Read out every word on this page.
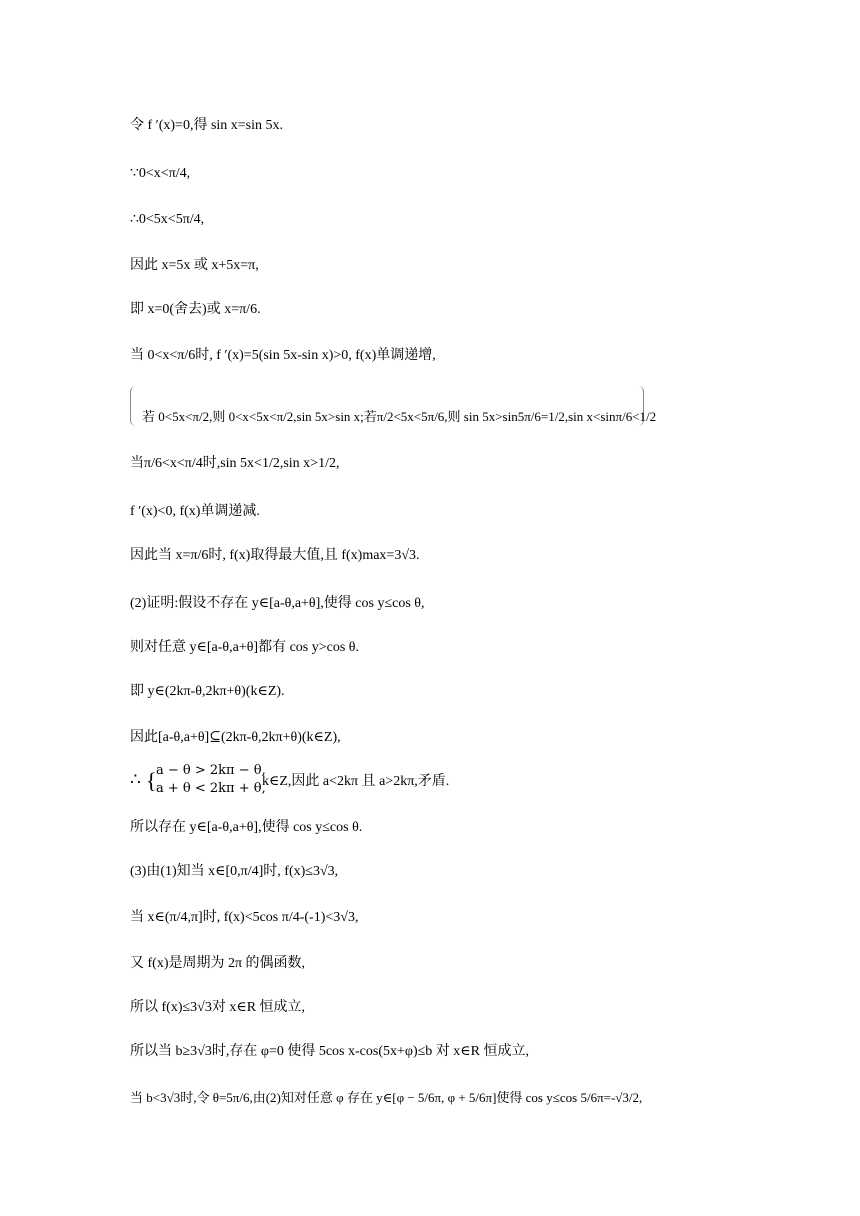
令 f ′(x)=0,得 sin x=sin 5x.
∵0<x<π/4,
∴0<5x<5π/4,
因此 x=5x 或 x+5x=π,
即 x=0(舍去)或 x=π/6.
当 0<x<π/6时, f ′(x)=5(sin 5x-sin x)>0, f(x)单调递增,
若 0<5x<π/2,则 0<x<5x<π/2,sin 5x>sin x;若π/2<5x<5π/6,则 sin 5x>sin5π/6=1/2,sin x<sinπ/6<1/2
当π/6<x<π/4时,sin 5x<1/2,sin x>1/2,
f ′(x)<0, f(x)单调递减.
因此当 x=π/6时, f(x)取得最大值,且 f(x)max=3√3.
(2)证明:假设不存在 y∈[a-θ,a+θ],使得 cos y≤cos θ,
则对任意 y∈[a-θ,a+θ]都有 cos y>cos θ.
即 y∈(2kπ-θ,2kπ+θ)(k∈Z).
因此[a-θ,a+θ]⊆(2kπ-θ,2kπ+θ)(k∈Z),
∴ { a − θ > 2kπ − θ,
a + θ < 2kπ + θ,
k∈Z,因此 a<2kπ 且 a>2kπ,矛盾.
所以存在 y∈[a-θ,a+θ],使得 cos y≤cos θ.
(3)由(1)知当 x∈[0,π/4]时, f(x)≤3√3,
当 x∈(π/4,π]时, f(x)<5cos π/4-(-1)<3√3,
又 f(x)是周期为 2π 的偶函数,
所以 f(x)≤3√3对 x∈R 恒成立,
所以当 b≥3√3时,存在 φ=0 使得 5cos x-cos(5x+φ)≤b 对 x∈R 恒成立,
当 b<3√3时,令 θ=5π/6,由(2)知对任意 φ 存在 y∈[φ − 5/6π, φ + 5/6π]使得 cos y≤cos 5/6π=-√3/2,
